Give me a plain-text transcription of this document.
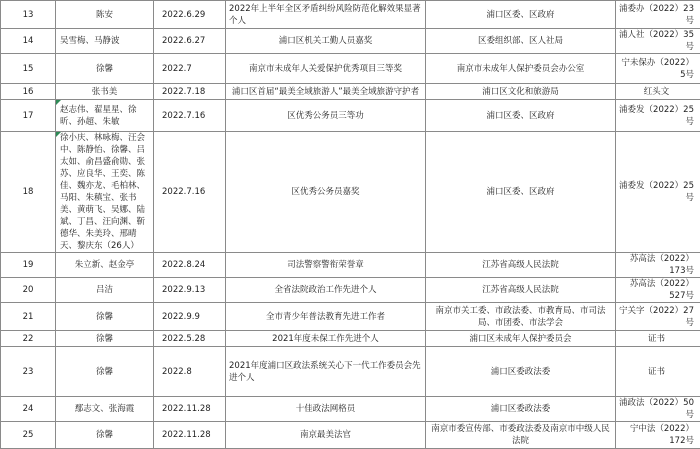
13	陈安	2022.6.29	2022年上半年全区矛盾纠纷风险防范化解效果显著个人	浦口区委、区政府	浦委办（2022）23号
14	吴雪梅、马静波	2022.6.27	浦口区机关工勤人员嘉奖	区委组织部、区人社局	浦人社（2022）35号
15	徐馨	2022.7	南京市未成年人关爱保护优秀项目三等奖	南京市未成年人保护委员会办公室	宁未保办（2022）5号
16	张书美	2022.7.18	浦口区首届“最美全域旅游人”最美全域旅游守护者	浦口区文化和旅游局	红头文
17	赵志伟、翟星星、徐昕、孙超、朱敏	2022.7.16	区优秀公务员三等功	浦口区委、区政府	浦委发（2022）25号
18	徐小庆、林咏梅、汪会中、陈静怡、徐馨、吕太如、俞昌盛俞勋、张苏、应良华、王奕、陈佳、魏亦龙、毛柏林、马阳、朱稹宝、张书美、黄萌飞、吴娜、陆斌、丁昌、汪向渊、靳德华、朱美玲、邢晴天、黎庆东（26人）	2022.7.16	区优秀公务员嘉奖	浦口区委、区政府	浦委发（2022）25号
19	朱立新、赵金亭	2022.8.24	司法警察警衔荣誉章	江苏省高级人民法院	苏高法（2022）173号
20	吕洁	2022.9.13	全省法院政治工作先进个人	江苏省高级人民法院	苏高法（2022）527号
21	徐馨	2022.9.9	全市青少年普法教育先进工作者	南京市关工委、市政法委、市教育局、市司法局、市团委、市法学会	宁关字（2022）27号
22	徐馨	2022.5.28	2021年度未保工作先进个人	浦口区未成年人保护委员会	证书
23	徐馨	2022.8	2021年度浦口区政法系统关心下一代工作委员会先进个人	浦口区委政法委	证书
24	鄢志文、张海霞	2022.11.28	十佳政法网格员	浦口区委政法委	浦政法（2022）50号
25	徐馨	2022.11.28	南京最美法官	南京市委宣传部、市委政法委及南京市中级人民法院	宁中法（2022）172号
